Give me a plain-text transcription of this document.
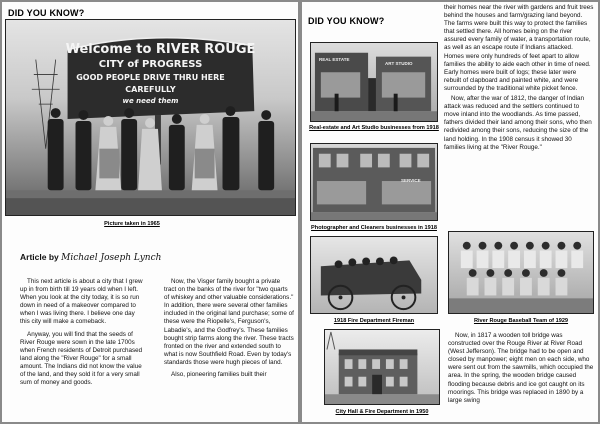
DID YOU KNOW?
Welcome to RIVER ROUGE
CITY of PROGRESS
GOOD PEOPLE DRIVE THRU HERE
CAREFULLY
we need them
Picture taken in 1965
Article by Michael Joseph Lynch

This next article is about a city that I grew up in from birth till 19 years old when I left. When you look at the city today, it is so run down in need of a makeover compared to when I was living there. I believe one day this city will make a comeback.

Anyway, you will find that the seeds of River Rouge were sown in the late 1700s when French residents of Detroit purchased land along the "River Rouge" for a small amount. The Indians did not know the value of the land, and they sold it for a very small sum of money and goods.

Now, the Visger family bought a private tract on the banks of the river for "two quarts of whiskey and other valuable considerations." In addition, there were several other families included in the original land purchase; some of these were the Riopelle's, Ferguson's, Labadie's, and the Godfrey's. These families bought strip farms along the river. These tracts fronted on the river and extended south to what is now Southfield Road. Even by today's standards those were hugh pieces of land.

Also, pioneering families built their

DID YOU KNOW?
REAL ESTATE
ART STUDIO
Real-estate and Art Studio businesses from 1918
SERVICE
Photographer and Cleaners businesses in 1918
1918 Fire Department Fireman
City Hall & Fire Department in 1950

their homes near the river with gardens and fruit trees behind the houses and farm/grazing land beyond. The farms were built this way to protect the families that settled there. All homes being on the river assured every family of water, a transportation route, as well as an escape route if Indians attacked. Homes were only hundreds of feet apart to allow families the ability to aide each other in time of need. Early homes were built of logs; these later were rebuilt of clapboard and painted white, and were surrounded by the traditional white picket fence.

Now, after the war of 1812, the danger of Indian attack was reduced and the settlers continued to move inland into the woodlands. As time passed, fathers divided their land among their sons, who then redivided among their sons, reducing the size of the land holding. In the 1908 census it showed 30 families living at the "River Rouge."

River Rouge Baseball Team of 1929

Now, in 1817 a wooden toll bridge was constructed over the Rouge River at River Road (West Jefferson). The bridge had to be open and closed by manpower; eight men on each side, who were sent out from the sawmills, which occupied the area. In the spring, the wooden bridge caused flooding because debris and ice got caught on its moorings. This bridge was replaced in 1890 by a large swing
